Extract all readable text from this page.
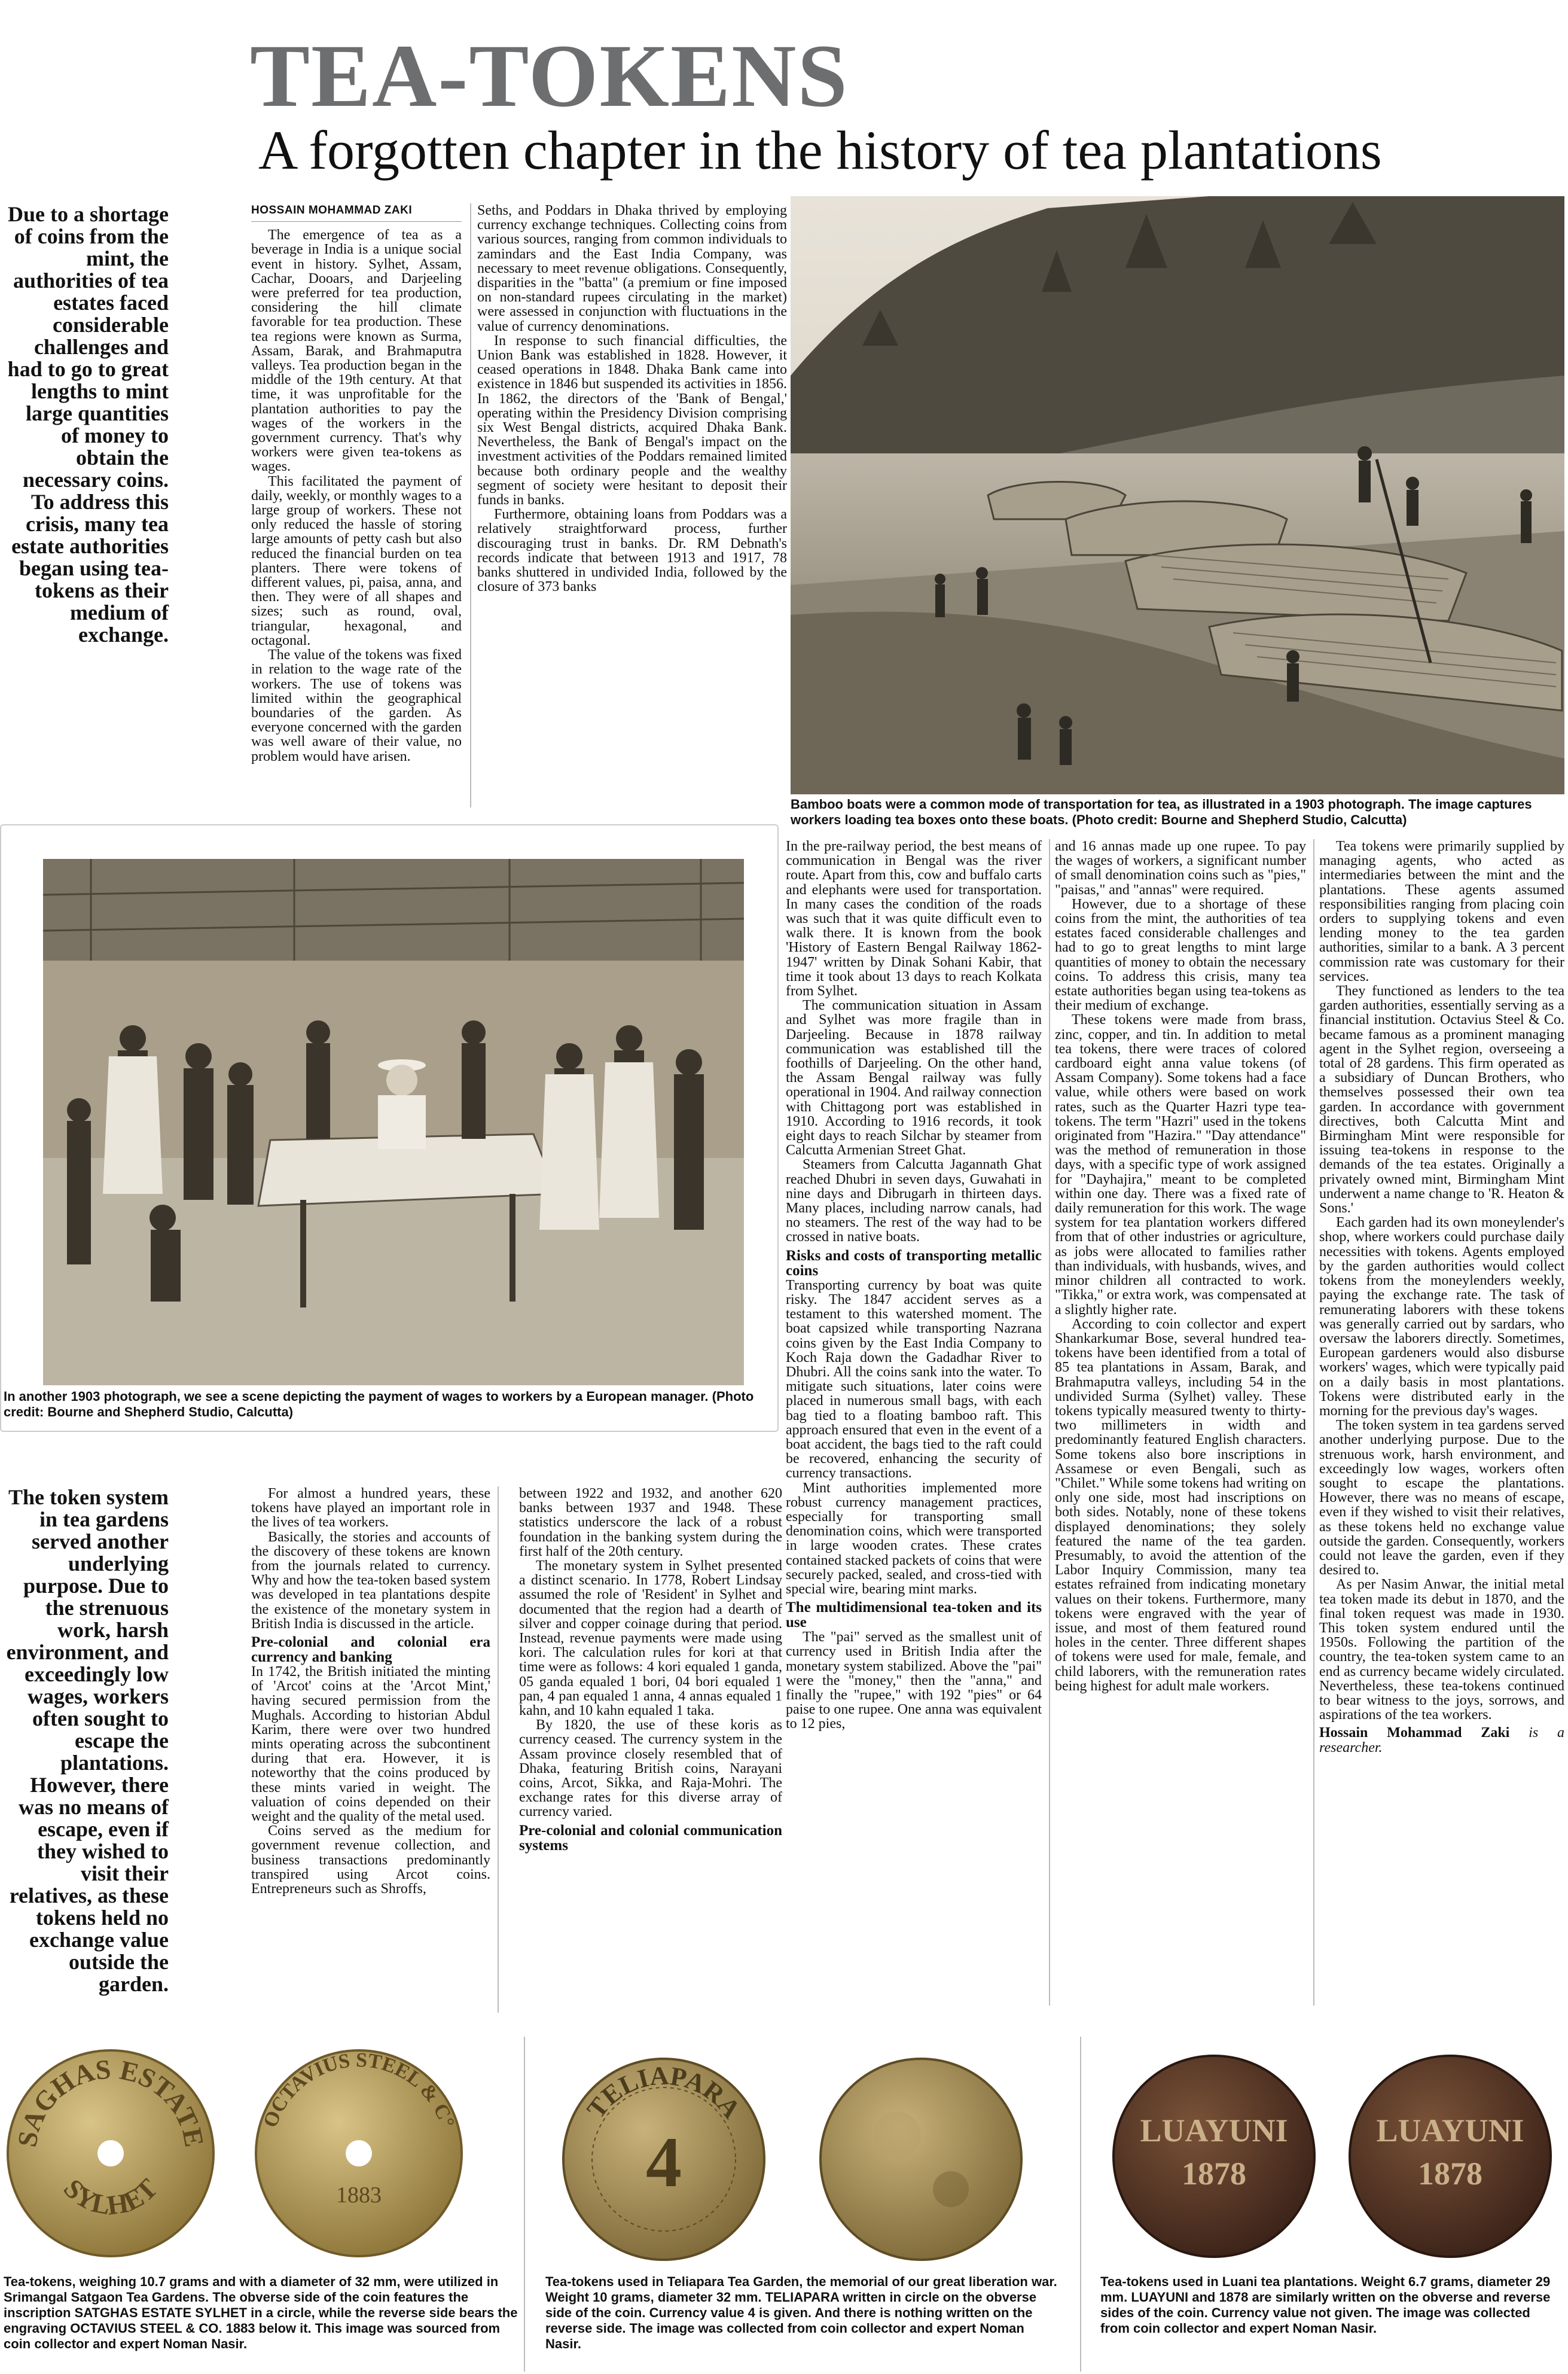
TEA-TOKENS
A forgotten chapter in the history of tea plantations
Due to a shortage of coins from the mint, the authorities of tea estates faced considerable challenges and had to go to great lengths to mint large quantities of money to obtain the necessary coins. To address this crisis, many tea estate authorities began using tea-tokens as their medium of exchange.
The token system in tea gardens served another underlying purpose. Due to the strenuous work, harsh environment, and exceedingly low wages, workers often sought to escape the plantations. However, there was no means of escape, even if they wished to visit their relatives, as these tokens held no exchange value outside the garden.
HOSSAIN MOHAMMAD ZAKI

The emergence of tea as a beverage in India is a unique social event in history. Sylhet, Assam, Cachar, Dooars, and Darjeeling were preferred for tea production, considering the hill climate favorable for tea production. These tea regions were known as Surma, Assam, Barak, and Brahmaputra valleys. Tea production began in the middle of the 19th century. At that time, it was unprofitable for the plantation authorities to pay the wages of the workers in the government currency. That's why workers were given tea-tokens as wages.

This facilitated the payment of daily, weekly, or monthly wages to a large group of workers. These not only reduced the hassle of storing large amounts of petty cash but also reduced the financial burden on tea planters. There were tokens of different values, pi, paisa, anna, and then. They were of all shapes and sizes; such as round, oval, triangular, hexagonal, and octagonal.

The value of the tokens was fixed in relation to the wage rate of the workers. The use of tokens was limited within the geographical boundaries of the garden. As everyone concerned with the garden was well aware of their value, no problem would have arisen.

Seths, and Poddars in Dhaka thrived by employing currency exchange techniques. Collecting coins from various sources, ranging from common individuals to zamindars and the East India Company, was necessary to meet revenue obligations. Consequently, disparities in the "batta" (a premium or fine imposed on non-standard rupees circulating in the market) were assessed in conjunction with fluctuations in the value of currency denominations.

In response to such financial difficulties, the Union Bank was established in 1828. However, it ceased operations in 1848. Dhaka Bank came into existence in 1846 but suspended its activities in 1856. In 1862, the directors of the 'Bank of Bengal,' operating within the Presidency Division comprising six West Bengal districts, acquired Dhaka Bank. Nevertheless, the Bank of Bengal's impact on the investment activities of the Poddars remained limited because both ordinary people and the wealthy segment of society were hesitant to deposit their funds in banks.

Furthermore, obtaining loans from Poddars was a relatively straightforward process, further discouraging trust in banks. Dr. RM Debnath's records indicate that between 1913 and 1917, 78 banks shuttered in undivided India, followed by the closure of 373 banks

Bamboo boats were a common mode of transportation for tea, as illustrated in a 1903 photograph. The image captures workers loading tea boxes onto these boats. (Photo credit: Bourne and Shepherd Studio, Calcutta)
In another 1903 photograph, we see a scene depicting the payment of wages to workers by a European manager. (Photo credit: Bourne and Shepherd Studio, Calcutta)

In the pre-railway period, the best means of communication in Bengal was the river route. Apart from this, cow and buffalo carts and elephants were used for transportation. In many cases the condition of the roads was such that it was quite difficult even to walk there. It is known from the book 'History of Eastern Bengal Railway 1862-1947' written by Dinak Sohani Kabir, that time it took about 13 days to reach Kolkata from Sylhet.

The communication situation in Assam and Sylhet was more fragile than in Darjeeling. Because in 1878 railway communication was established till the foothills of Darjeeling. On the other hand, the Assam Bengal railway was fully operational in 1904. And railway connection with Chittagong port was established in 1910. According to 1916 records, it took eight days to reach Silchar by steamer from Calcutta Armenian Street Ghat.

Steamers from Calcutta Jagannath Ghat reached Dhubri in seven days, Guwahati in nine days and Dibrugarh in thirteen days. Many places, including narrow canals, had no steamers. The rest of the way had to be crossed in native boats.

Risks and costs of transporting metallic coins

Transporting currency by boat was quite risky. The 1847 accident serves as a testament to this watershed moment. The boat capsized while transporting Nazrana coins given by the East India Company to Koch Raja down the Gadadhar River to Dhubri. All the coins sank into the water. To mitigate such situations, later coins were placed in numerous small bags, with each bag tied to a floating bamboo raft. This approach ensured that even in the event of a boat accident, the bags tied to the raft could be recovered, enhancing the security of currency transactions.

Mint authorities implemented more robust currency management practices, especially for transporting small denomination coins, which were transported in large wooden crates. These crates contained stacked packets of coins that were securely packed, sealed, and cross-tied with special wire, bearing mint marks.

The multidimensional tea-token and its use

The "pai" served as the smallest unit of currency used in British India after the monetary system stabilized. Above the "pai" were the "money," then the "anna," and finally the "rupee," with 192 "pies" or 64 paise to one rupee. One anna was equivalent to 12 pies,

and 16 annas made up one rupee. To pay the wages of workers, a significant number of small denomination coins such as "pies," "paisas," and "annas" were required.

However, due to a shortage of these coins from the mint, the authorities of tea estates faced considerable challenges and had to go to great lengths to mint large quantities of money to obtain the necessary coins. To address this crisis, many tea estate authorities began using tea-tokens as their medium of exchange.

These tokens were made from brass, zinc, copper, and tin. In addition to metal tea tokens, there were traces of colored cardboard eight anna value tokens (of Assam Company). Some tokens had a face value, while others were based on work rates, such as the Quarter Hazri type tea-tokens. The term "Hazri" used in the tokens originated from "Hazira." "Day attendance" was the method of remuneration in those days, with a specific type of work assigned for "Dayhajira," meant to be completed within one day. There was a fixed rate of daily remuneration for this work. The wage system for tea plantation workers differed from that of other industries or agriculture, as jobs were allocated to families rather than individuals, with husbands, wives, and minor children all contracted to work. "Tikka," or extra work, was compensated at a slightly higher rate.

According to coin collector and expert Shankarkumar Bose, several hundred tea-tokens have been identified from a total of 85 tea plantations in Assam, Barak, and Brahmaputra valleys, including 54 in the undivided Surma (Sylhet) valley. These tokens typically measured twenty to thirty-two millimeters in width and predominantly featured English characters. Some tokens also bore inscriptions in Assamese or even Bengali, such as "Chilet." While some tokens had writing on only one side, most had inscriptions on both sides. Notably, none of these tokens displayed denominations; they solely featured the name of the tea garden. Presumably, to avoid the attention of the Labor Inquiry Commission, many tea estates refrained from indicating monetary values on their tokens. Furthermore, many tokens were engraved with the year of issue, and most of them featured round holes in the center. Three different shapes of tokens were used for male, female, and child laborers, with the remuneration rates being highest for adult male workers.

Tea tokens were primarily supplied by managing agents, who acted as intermediaries between the mint and the plantations. These agents assumed responsibilities ranging from placing coin orders to supplying tokens and even lending money to the tea garden authorities, similar to a bank. A 3 percent commission rate was customary for their services.

They functioned as lenders to the tea garden authorities, essentially serving as a financial institution. Octavius Steel & Co. became famous as a prominent managing agent in the Sylhet region, overseeing a total of 28 gardens. This firm operated as a subsidiary of Duncan Brothers, who themselves possessed their own tea garden. In accordance with government directives, both Calcutta Mint and Birmingham Mint were responsible for issuing tea-tokens in response to the demands of the tea estates. Originally a privately owned mint, Birmingham Mint underwent a name change to 'R. Heaton & Sons.'

Each garden had its own moneylender's shop, where workers could purchase daily necessities with tokens. Agents employed by the garden authorities would collect tokens from the moneylenders weekly, paying the exchange rate. The task of remunerating laborers with these tokens was generally carried out by sardars, who oversaw the laborers directly. Sometimes, European gardeners would also disburse workers' wages, which were typically paid on a daily basis in most plantations. Tokens were distributed early in the morning for the previous day's wages.

The token system in tea gardens served another underlying purpose. Due to the strenuous work, harsh environment, and exceedingly low wages, workers often sought to escape the plantations. However, there was no means of escape, even if they wished to visit their relatives, as these tokens held no exchange value outside the garden. Consequently, workers could not leave the garden, even if they desired to.

As per Nasim Anwar, the initial metal tea token made its debut in 1870, and the final token request was made in 1930. This token system endured until the 1950s. Following the partition of the country, the tea-token system came to an end as currency became widely circulated. Nevertheless, these tea-tokens continued to bear witness to the joys, sorrows, and aspirations of the tea workers.

Hossain Mohammad Zaki is a researcher.

For almost a hundred years, these tokens have played an important role in the lives of tea workers.

Basically, the stories and accounts of the discovery of these tokens are known from the journals related to currency. Why and how the tea-token based system was developed in tea plantations despite the existence of the monetary system in British India is discussed in the article.

Pre-colonial and colonial era currency and banking

In 1742, the British initiated the minting of 'Arcot' coins at the 'Arcot Mint,' having secured permission from the Mughals. According to historian Abdul Karim, there were over two hundred mints operating across the subcontinent during that era. However, it is noteworthy that the coins produced by these mints varied in weight. The valuation of coins depended on their weight and the quality of the metal used.

Coins served as the medium for government revenue collection, and business transactions predominantly transpired using Arcot coins. Entrepreneurs such as Shroffs,

between 1922 and 1932, and another 620 banks between 1937 and 1948. These statistics underscore the lack of a robust foundation in the banking system during the first half of the 20th century.

The monetary system in Sylhet presented a distinct scenario. In 1778, Robert Lindsay assumed the role of 'Resident' in Sylhet and documented that the region had a dearth of silver and copper coinage during that period. Instead, revenue payments were made using kori. The calculation rules for kori at that time were as follows: 4 kori equaled 1 ganda, 05 ganda equaled 1 bori, 04 bori equaled 1 pan, 4 pan equaled 1 anna, 4 annas equaled 1 kahn, and 10 kahn equaled 1 taka.

By 1820, the use of these koris as currency ceased. The currency system in the Assam province closely resembled that of Dhaka, featuring British coins, Narayani coins, Arcot, Sikka, and Raja-Mohri. The exchange rates for this diverse array of currency varied.

Pre-colonial and colonial communication systems
SAGHAS ESTATE
SYLHET
OCTAVIUS STEEL & C°
1883
Tea-tokens, weighing 10.7 grams and with a diameter of 32 mm, were utilized in Srimangal Satgaon Tea Gardens. The obverse side of the coin features the inscription SATGHAS ESTATE SYLHET in a circle, while the reverse side bears the engraving OCTAVIUS STEEL & CO. 1883 below it. This image was sourced from coin collector and expert Noman Nasir.
TELIAPARA
4
Tea-tokens used in Teliapara Tea Garden, the memorial of our great liberation war. Weight 10 grams, diameter 32 mm. TELIAPARA written in circle on the obverse side of the coin. Currency value 4 is given. And there is nothing written on the reverse side. The image was collected from coin collector and expert Noman Nasir.
LUAYUNI
1878
LUAYUNI
1878
Tea-tokens used in Luani tea plantations. Weight 6.7 grams, diameter 29 mm. LUAYUNI and 1878 are similarly written on the obverse and reverse sides of the coin. Currency value not given. The image was collected from coin collector and expert Noman Nasir.
